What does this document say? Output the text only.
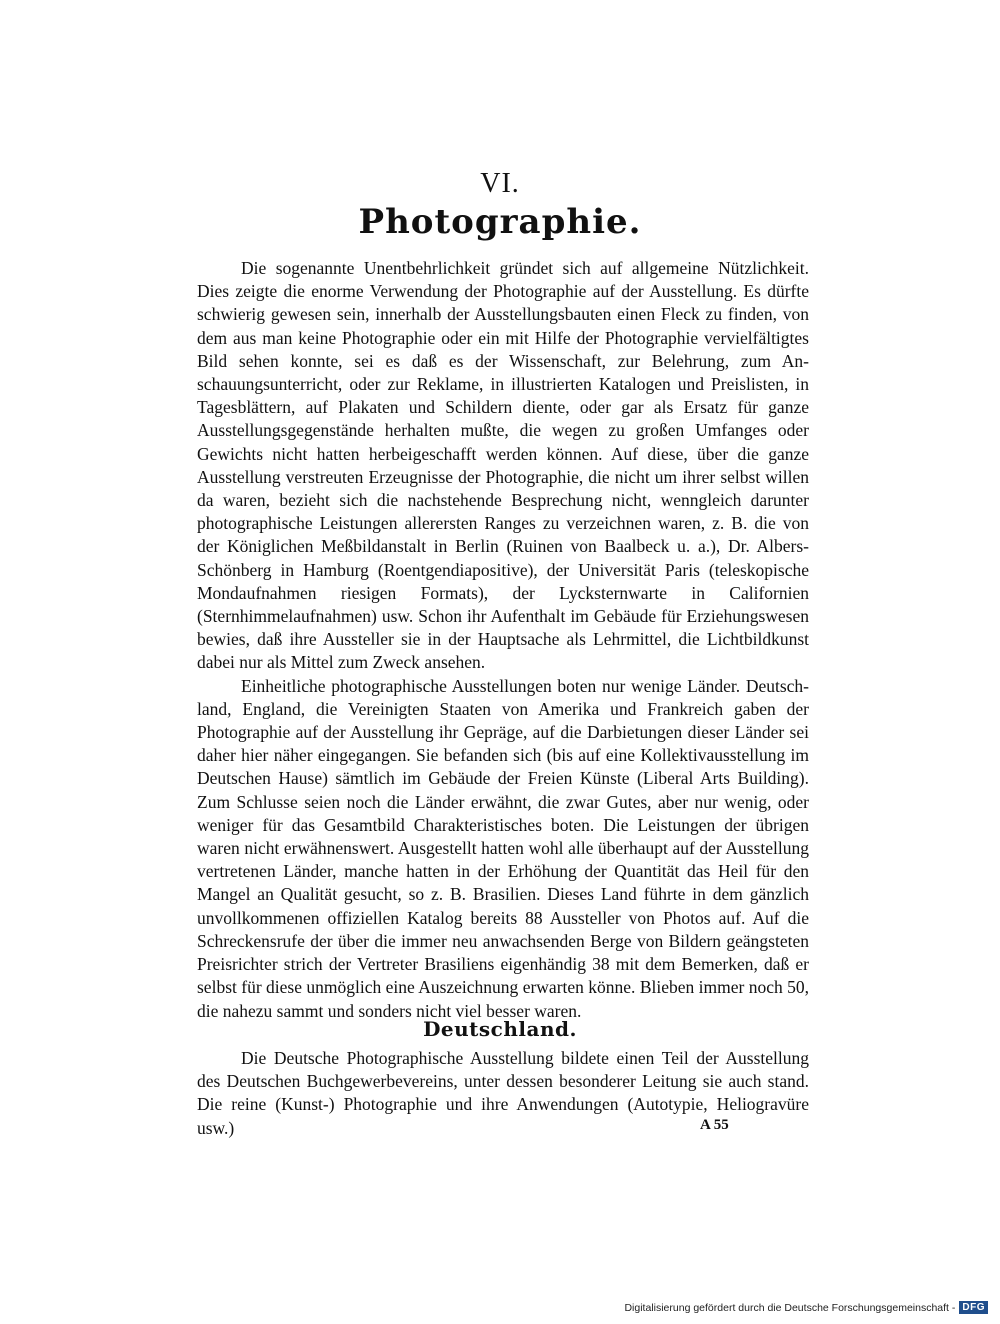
VI.
Photographie.

Die sogenannte Unentbehrlichkeit gründet sich auf allgemeine Nützlichkeit. Dies zeigte die enorme Verwendung der Photographie auf der Ausstellung. Es dürfte schwierig gewesen sein, innerhalb der Ausstellungsbauten einen Fleck zu finden, von dem aus man keine Photographie oder ein mit Hilfe der Photographie vervielfältigtes Bild sehen konnte, sei es daß es der Wissenschaft, zur Belehrung, zum Anschauungsunterricht, oder zur Reklame, in illustrierten Katalogen und Preislisten, in Tagesblättern, auf Plakaten und Schildern diente, oder gar als Ersatz für ganze Ausstellungsgegenstände herhalten mußte, die wegen zu großen Umfanges oder Gewichts nicht hatten herbeigeschafft werden können. Auf diese, über die ganze Ausstellung verstreuten Erzeugnisse der Photographie, die nicht um ihrer selbst willen da waren, bezieht sich die nachstehende Besprechung nicht, wenngleich darunter photographische Leistungen allerersten Ranges zu verzeichnen waren, z. B. die von der Königlichen Meßbildanstalt in Berlin (Ruinen von Baalbeck u. a.), Dr. Albers-Schönberg in Hamburg (Roentgendiapositive), der Universität Paris (teleskopische Mondaufnahmen riesigen Formats), der Lycksternwarte in Californien (Sternhimmelaufnahmen) usw. Schon ihr Aufenthalt im Gebäude für Erziehungswesen bewies, daß ihre Aussteller sie in der Hauptsache als Lehrmittel, die Lichtbildkunst dabei nur als Mittel zum Zweck ansehen.

Einheitliche photographische Ausstellungen boten nur wenige Länder. Deutschland, England, die Vereinigten Staaten von Amerika und Frankreich gaben der Photographie auf der Ausstellung ihr Gepräge, auf die Darbietungen dieser Länder sei daher hier näher eingegangen. Sie befanden sich (bis auf eine Kollektivausstellung im Deutschen Hause) sämtlich im Gebäude der Freien Künste (Liberal Arts Building). Zum Schlusse seien noch die Länder erwähnt, die zwar Gutes, aber nur wenig, oder weniger für das Gesamtbild Charakteristisches boten. Die Leistungen der übrigen waren nicht erwähnenswert. Ausgestellt hatten wohl alle überhaupt auf der Ausstellung vertretenen Länder, manche hatten in der Erhöhung der Quantität das Heil für den Mangel an Qualität gesucht, so z. B. Brasilien. Dieses Land führte in dem gänzlich unvollkommenen offiziellen Katalog bereits 88 Aussteller von Photos auf. Auf die Schreckensrufe der über die immer neu anwachsenden Berge von Bildern geängsteten Preisrichter strich der Vertreter Brasiliens eigenhändig 38 mit dem Bemerken, daß er selbst für diese unmöglich eine Auszeichnung erwarten könne. Blieben immer noch 50, die nahezu sammt und sonders nicht viel besser waren.

Deutschland.

Die Deutsche Photographische Ausstellung bildete einen Teil der Ausstellung des Deutschen Buchgewerbevereins, unter dessen besonderer Leitung sie auch stand. Die reine (Kunst-) Photographie und ihre Anwendungen (Autotypie, Heliogravüre usw.)	A 55
Digitalisierung gefördert durch die Deutsche Forschungsgemeinschaft - DFG
